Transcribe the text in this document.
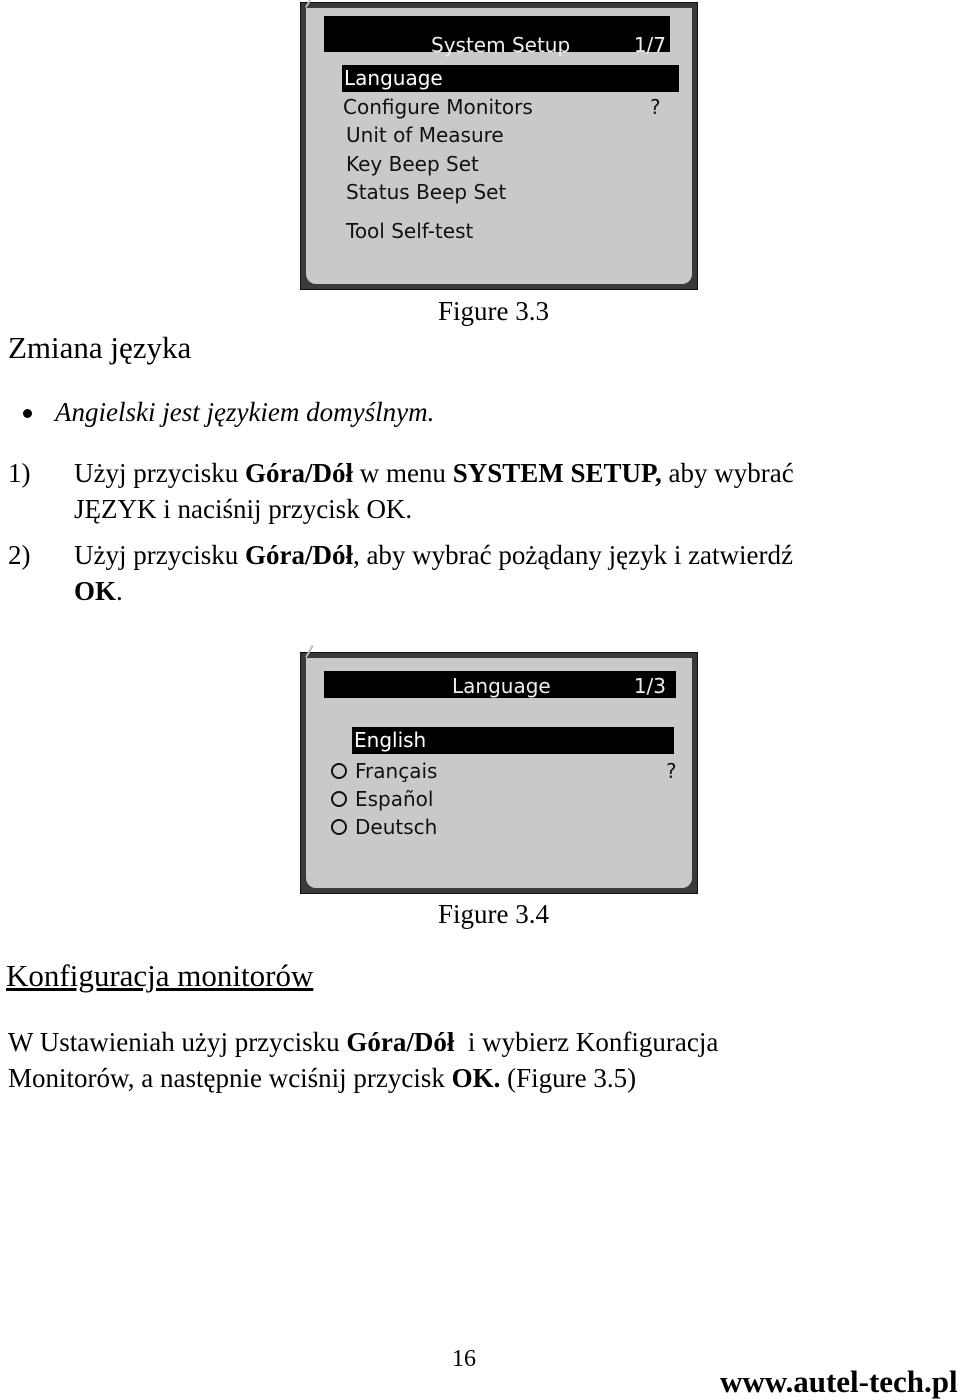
System Setup	1/7
Language
Configure Monitors	?
Unit of Measure
Key Beep Set
Status Beep Set
Tool Self-test
Figure 3.3
Zmiana języka
Angielski jest językiem domyślnym.
1) Użyj przycisku Góra/Dół w menu SYSTEM SETUP, aby wybrać
JĘZYK i naciśnij przycisk OK.
2) Użyj przycisku Góra/Dół, aby wybrać pożądany język i zatwierdź
OK.
Language	1/3
English
Français	?
Español
Deutsch
Figure 3.4
Konfiguracja monitorów
W Ustawieniah użyj przycisku Góra/Dół  i wybierz Konfiguracja
Monitorów, a następnie wciśnij przycisk OK. (Figure 3.5)
16
www.autel-tech.pl
